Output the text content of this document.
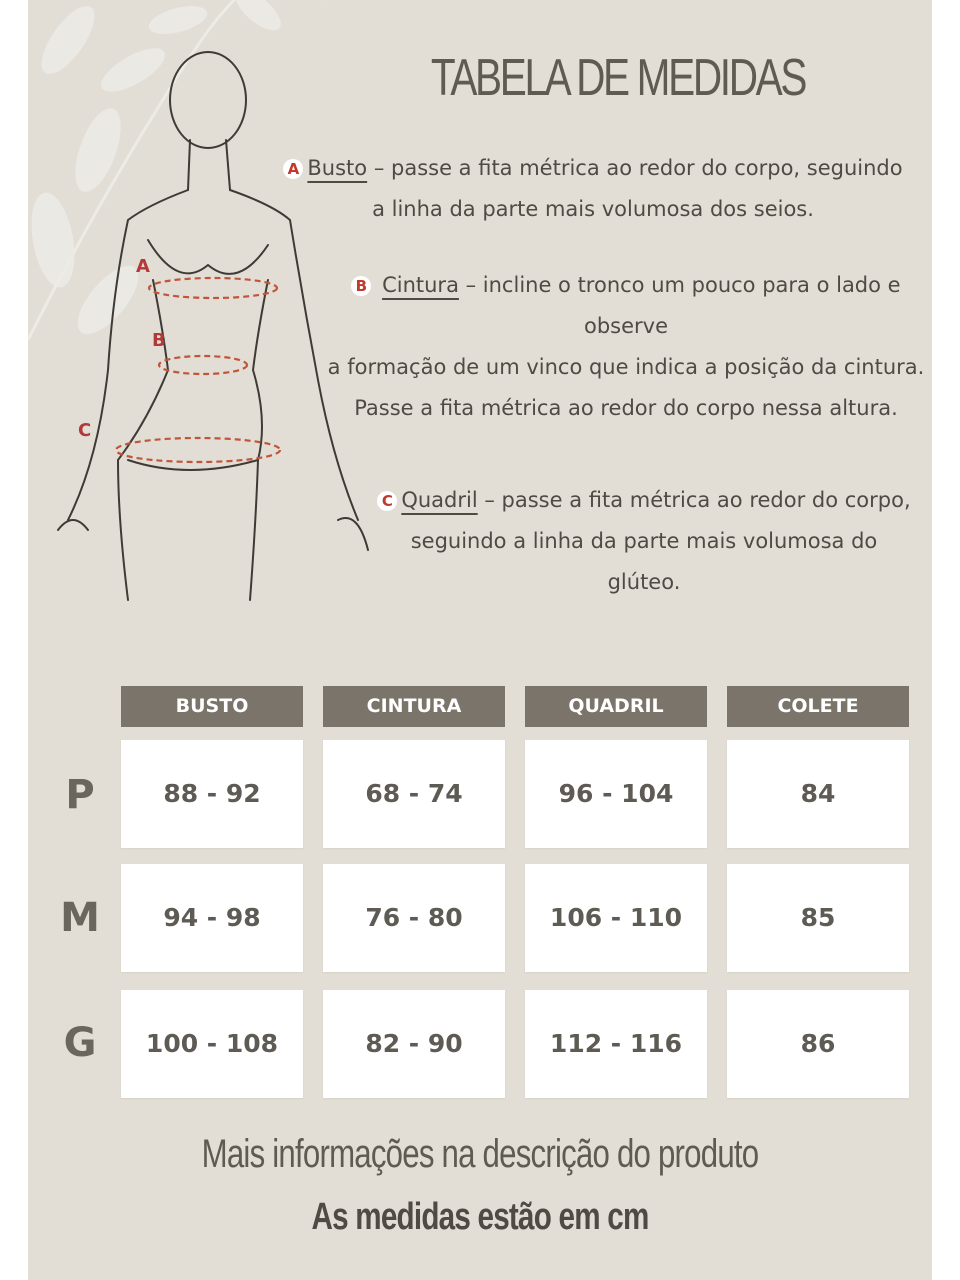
A
B
C
TABELA DE MEDIDAS
A Busto – passe a fita métrica ao redor do corpo, seguindo
a linha da parte mais volumosa dos seios.
B Cintura – incline o tronco um pouco para o lado e
observe
a formação de um vinco que indica a posição da cintura.
Passe a fita métrica ao redor do corpo nessa altura.
C Quadril – passe a fita métrica ao redor do corpo,
seguindo a linha da parte mais volumosa do
glúteo.
BUSTO	CINTURA	QUADRIL	COLETE
P	88 - 92	68 - 74	96 - 104	84
M	94 - 98	76 - 80	106 - 110	85
G	100 - 108	82 - 90	112 - 116	86
Mais informações na descrição do produto
As medidas estão em cm
